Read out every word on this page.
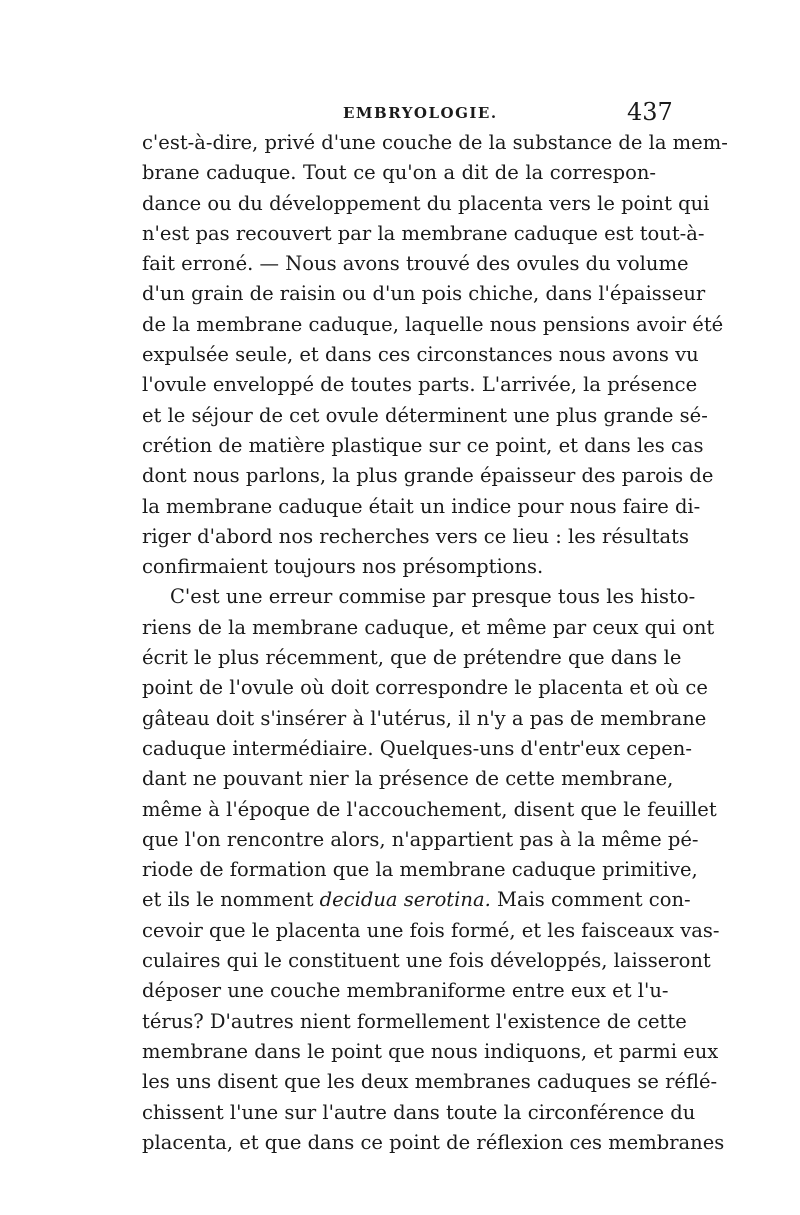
EMBRYOLOGIE.	437
c'est-à-dire, privé d'une couche de la substance de la mem-
brane caduque. Tout ce qu'on a dit de la correspon-
dance ou du développement du placenta vers le point qui
n'est pas recouvert par la membrane caduque est tout-à-
fait erroné. — Nous avons trouvé des ovules du volume
d'un grain de raisin ou d'un pois chiche, dans l'épaisseur
de la membrane caduque, laquelle nous pensions avoir été
expulsée seule, et dans ces circonstances nous avons vu
l'ovule enveloppé de toutes parts. L'arrivée, la présence
et le séjour de cet ovule déterminent une plus grande sé-
crétion de matière plastique sur ce point, et dans les cas
dont nous parlons, la plus grande épaisseur des parois de
la membrane caduque était un indice pour nous faire di-
riger d'abord nos recherches vers ce lieu : les résultats
confirmaient toujours nos présomptions.
C'est une erreur commise par presque tous les histo-
riens de la membrane caduque, et même par ceux qui ont
écrit le plus récemment, que de prétendre que dans le
point de l'ovule où doit correspondre le placenta et où ce
gâteau doit s'insérer à l'utérus, il n'y a pas de membrane
caduque intermédiaire. Quelques-uns d'entr'eux cepen-
dant ne pouvant nier la présence de cette membrane,
même à l'époque de l'accouchement, disent que le feuillet
que l'on rencontre alors, n'appartient pas à la même pé-
riode de formation que la membrane caduque primitive,
et ils le nomment decidua serotina. Mais comment con-
cevoir que le placenta une fois formé, et les faisceaux vas-
culaires qui le constituent une fois développés, laisseront
déposer une couche membraniforme entre eux et l'u-
térus? D'autres nient formellement l'existence de cette
membrane dans le point que nous indiquons, et parmi eux
les uns disent que les deux membranes caduques se réflé-
chissent l'une sur l'autre dans toute la circonférence du
placenta, et que dans ce point de réflexion ces membranes
